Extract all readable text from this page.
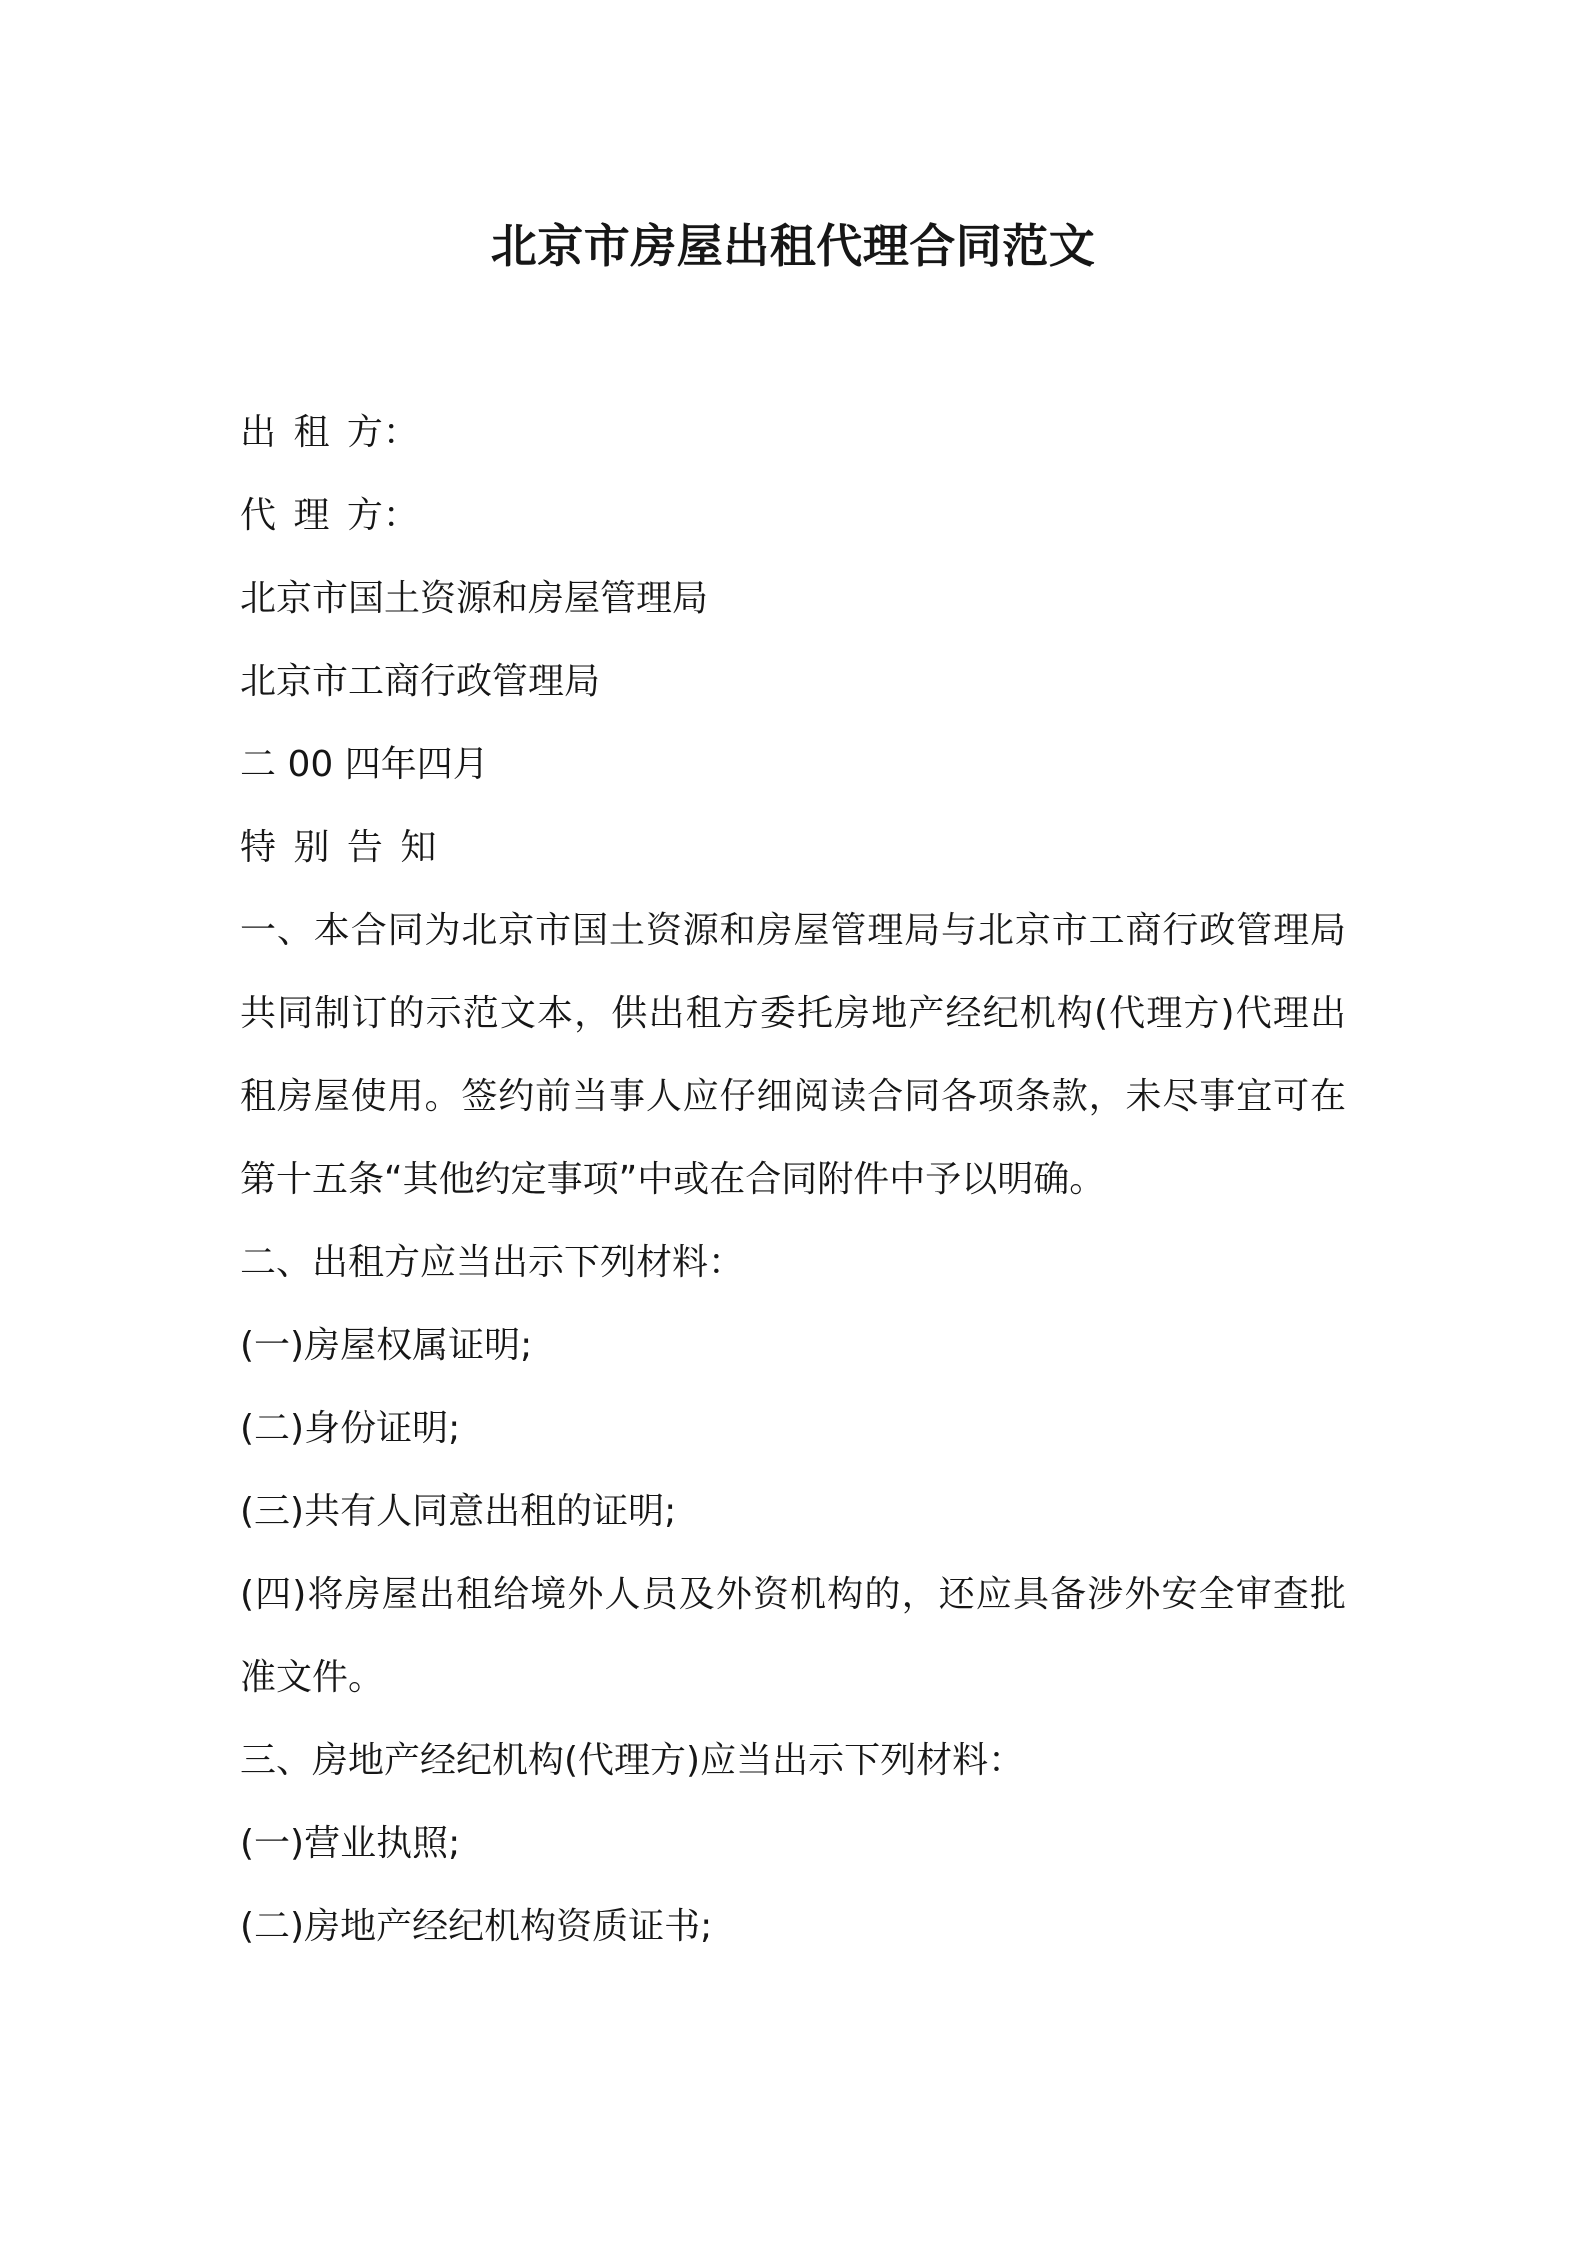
北京市房屋出租代理合同范文
出 租 方：
代 理 方：
北京市国土资源和房屋管理局
北京市工商行政管理局
二 00 四年四月
特 别 告 知
一、本合同为北京市国土资源和房屋管理局与北京市工商行政管理局
共同制订的示范文本，供出租方委托房地产经纪机构(代理方)代理出
租房屋使用。签约前当事人应仔细阅读合同各项条款，未尽事宜可在
第十五条“其他约定事项”中或在合同附件中予以明确。
二、出租方应当出示下列材料：
(一)房屋权属证明;
(二)身份证明;
(三)共有人同意出租的证明;
(四)将房屋出租给境外人员及外资机构的，还应具备涉外安全审查批
准文件。
三、房地产经纪机构(代理方)应当出示下列材料：
(一)营业执照;
(二)房地产经纪机构资质证书;
